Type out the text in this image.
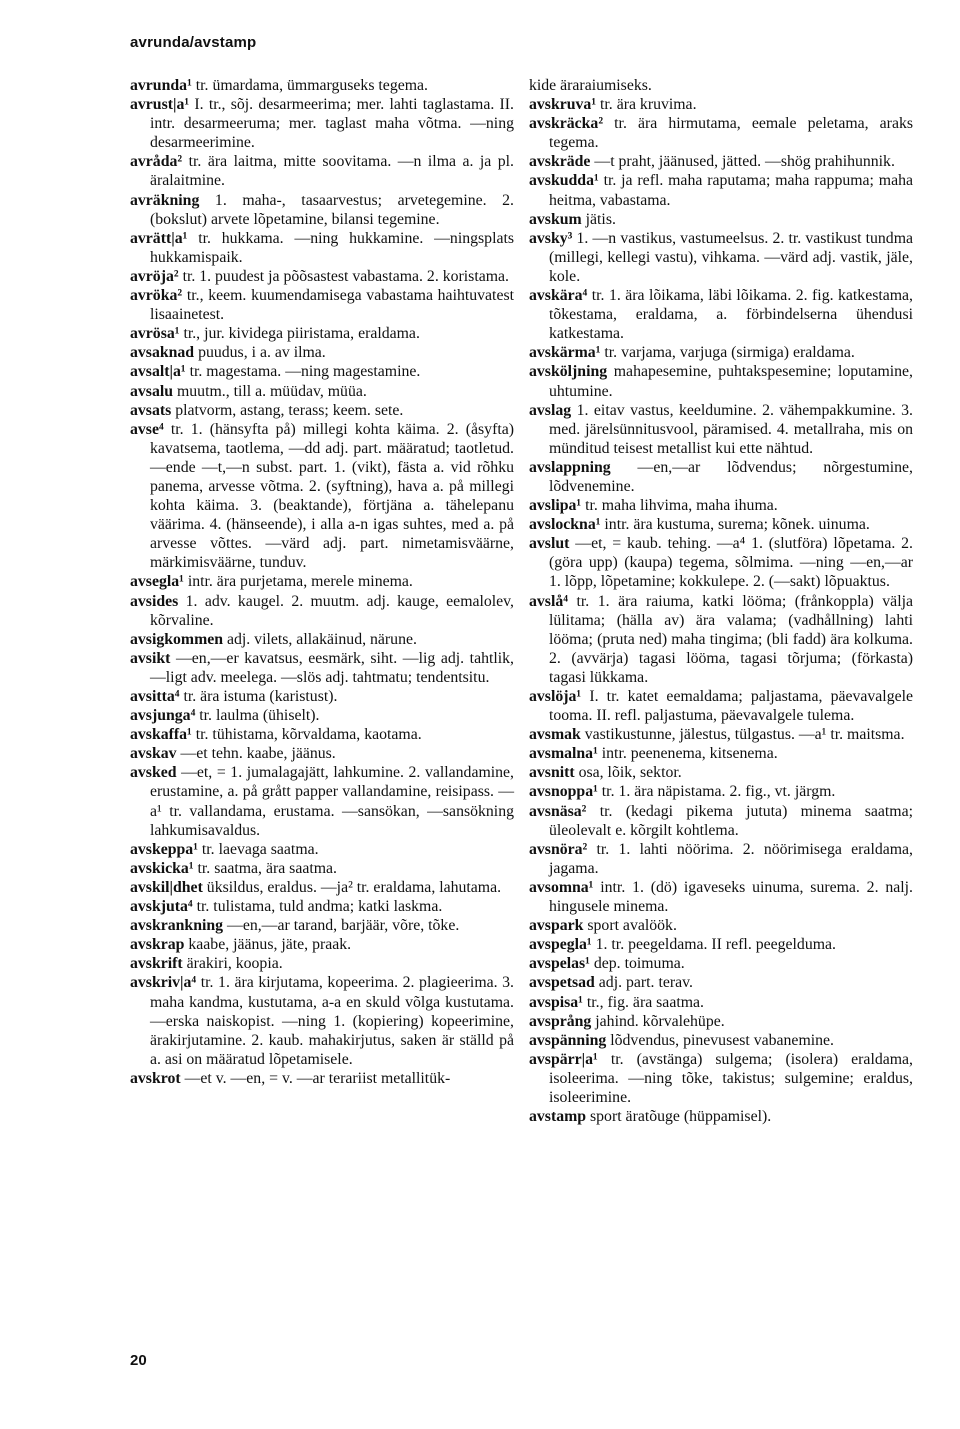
avrunda/avstamp

avrunda¹ tr. ümardama, ümmarguseks tegema.

avrust|a¹ I. tr., sõj. desarmeerima; mer. lahti taglastama. II. intr. desarmeeruma; mer. taglast maha võtma. —ning desarmeerimine.

avråda² tr. ära laitma, mitte soovitama. —n ilma a. ja pl. äralaitmine.

avräkning 1. maha-, tasaarvestus; arvetegemine. 2. (bokslut) arvete lõpetamine, bilansi tegemine.

avrätt|a¹ tr. hukkama. —ning hukkamine. —ningsplats hukkamispaik.

avröja² tr. 1. puudest ja põõsastest vabastama. 2. koristama.

avröka² tr., keem. kuumendamisega vabastama haihtuvatest lisaainetest.

avrösa¹ tr., jur. kividega piiristama, eraldama.

avsaknad puudus, i a. av ilma.

avsalt|a¹ tr. magestama. —ning magestamine.

avsalu muutm., till a. müüdav, müüa.

avsats platvorm, astang, terass; keem. sete.

avse⁴ tr. 1. (hänsyfta på) millegi kohta käima. 2. (åsyfta) kavatsema, taotlema, —dd adj. part. määratud; taotletud. —ende —t,—n subst. part. 1. (vikt), fästa a. vid rõhku panema, arvesse võtma. 2. (syftning), hava a. på millegi kohta käima. 3. (beaktande), förtjäna a. tähelepanu väärima. 4. (hänseende), i alla a-n igas suhtes, med a. på arvesse võttes. —värd adj. part. nimetamisväärne, märkimisväärne, tunduv.

avsegla¹ intr. ära purjetama, merele minema.

avsides 1. adv. kaugel. 2. muutm. adj. kauge, eemalolev, kõrvaline.

avsigkommen adj. vilets, allakäinud, närune.

avsikt —en,—er kavatsus, eesmärk, siht. —lig adj. tahtlik, —ligt adv. meelega. —slös adj. tahtmatu; tendentsitu.

avsitta⁴ tr. ära istuma (karistust).

avsjunga⁴ tr. laulma (ühiselt).

avskaffa¹ tr. tühistama, kõrvaldama, kaotama.

avskav —et tehn. kaabe, jäänus.

avsked —et, = 1. jumalagajätt, lahkumine. 2. vallandamine, erustamine, a. på grått papper vallandamine, reisipass. —a¹ tr. vallandama, erustama. —sansökan, —sansökning lahkumisavaldus.

avskeppa¹ tr. laevaga saatma.

avskicka¹ tr. saatma, ära saatma.

avskil|dhet üksildus, eraldus. —ja² tr. eraldama, lahutama.

avskjuta⁴ tr. tulistama, tuld andma; katki laskma.

avskrankning —en,—ar tarand, barjäär, võre, tõke.

avskrap kaabe, jäänus, jäte, praak.

avskrift ärakiri, koopia.

avskriv|a⁴ tr. 1. ära kirjutama, kopeerima. 2. plagieerima. 3. maha kandma, kustutama, a-a en skuld võlga kustutama. —erska naiskopist. —ning 1. (kopiering) kopeerimine, ärakirjutamine. 2. kaub. mahakirjutus, saken är ställd på a. asi on määratud lõpetamisele.

avskrot —et v. —en, = v. —ar terariist metallitük-

kide äraraiumiseks.

avskruva¹ tr. ära kruvima.

avskräcka² tr. ära hirmutama, eemale peletama, araks tegema.

avskräde —t praht, jäänused, jätted. —shög prahihunnik.

avskudda¹ tr. ja refl. maha raputama; maha rappuma; maha heitma, vabastama.

avskum jätis.

avsky³ 1. —n vastikus, vastumeelsus. 2. tr. vastikust tundma (millegi, kellegi vastu), vihkama. —värd adj. vastik, jäle, kole.

avskära⁴ tr. 1. ära lõikama, läbi lõikama. 2. fig. katkestama, tõkestama, eraldama, a. förbindelserna ühendusi katkestama.

avskärma¹ tr. varjama, varjuga (sirmiga) eraldama.

avsköljning mahapesemine, puhtakspesemine; loputamine, uhtumine.

avslag 1. eitav vastus, keeldumine. 2. vähempakkumine. 3. med. järelsünnitusvool, päramised. 4. metallraha, mis on münditud teisest metallist kui ette nähtud.

avslappning —en,—ar lõdvendus; nõrgestumine, lõdvenemine.

avslipa¹ tr. maha lihvima, maha ihuma.

avslockna¹ intr. ära kustuma, surema; kõnek. uinuma.

avslut —et, = kaub. tehing. —a⁴ 1. (slutföra) lõpetama. 2. (göra upp) (kaupa) tegema, sõlmima. —ning —en,—ar 1. lõpp, lõpetamine; kokkulepe. 2. (—sakt) lõpuaktus.

avslå⁴ tr. 1. ära raiuma, katki lööma; (frånkoppla) välja lülitama; (hälla av) ära valama; (vadhållning) lahti lööma; (pruta ned) maha tingima; (bli fadd) ära kolkuma. 2. (avvärja) tagasi lööma, tagasi tõrjuma; (förkasta) tagasi lükkama.

avslöja¹ I. tr. katet eemaldama; paljastama, päevavalgele tooma. II. refl. paljastuma, päevavalgele tulema.

avsmak vastikustunne, jälestus, tülgastus. —a¹ tr. maitsma.

avsmalna¹ intr. peenenema, kitsenema.

avsnitt osa, lõik, sektor.

avsnoppa¹ tr. 1. ära näpistama. 2. fig., vt. järgm.

avsnäsa² tr. (kedagi pikema jututa) minema saatma; üleolevalt e. kõrgilt kohtlema.

avsnöra² tr. 1. lahti nöörima. 2. nöörimisega eraldama, jagama.

avsomna¹ intr. 1. (dö) igaveseks uinuma, surema. 2. nalj. hingusele minema.

avspark sport avalöök.

avspegla¹ 1. tr. peegeldama. II refl. peegelduma.

avspelas¹ dep. toimuma.

avspetsad adj. part. terav.

avspisa¹ tr., fig. ära saatma.

avsprång jahind. kõrvalehüpe.

avspänning lõdvendus, pinevusest vabanemine.

avspärr|a¹ tr. (avstänga) sulgema; (isolera) eraldama, isoleerima. —ning tõke, takistus; sulgemine; eraldus, isoleerimine.

avstamp sport äratõuge (hüppamisel).

20
